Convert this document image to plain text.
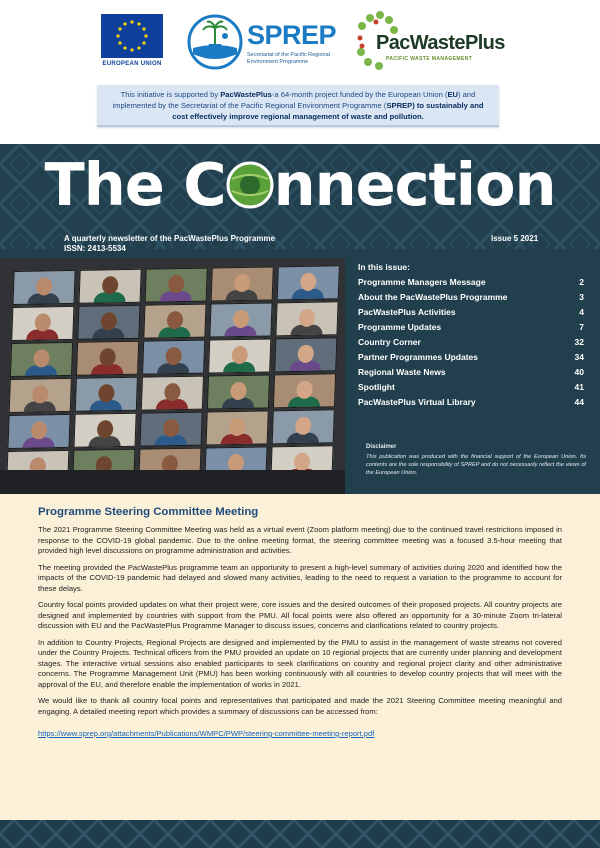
EUROPEAN UNION
SPREP
Secretariat of the Pacific Regional Environment Programme
PacWastePlus
PACIFIC WASTE MANAGEMENT
This initiative is supported by PacWastePlus-a 64-month project funded by the European Union (EU) and implemented by the Secretariat of the Pacific Regional Environment Programme (SPREP) to sustainably and cost effectively improve regional management of waste and pollution.
The C nnection
A quarterly newsletter of the PacWastePlus Programme
ISSN: 2413-5534
Issue 5 2021
In this issue:
Programme Managers Message	2
About the PacWastePlus Programme	3
PacWastePlus Activities	4
Programme Updates	7
Country Corner	32
Partner Programmes Updates	34
Regional Waste News	40
Spotlight	41
PacWastePlus Virtual Library	44
Disclaimer
This publication was produced with the financial support of the European Union. Its contents are the sole responsibility of SPREP and do not necessarily reflect the views of the European Union.
Programme Steering Committee Meeting

The 2021 Programme Steering Committee Meeting was held as a virtual event (Zoom platform meeting) due to the continued travel restrictions imposed in response to the COVID-19 global pandemic. Due to the online meeting format, the steering committee meeting was a focused 3.5-hour meeting that provided high level discussions on programme administration and activities.

The meeting provided the PacWastePlus programme team an opportunity to present a high-level summary of activities during 2020 and identified how the impacts of the COVID-19 pandemic had delayed and slowed many activities, leading to the need to request a variation to the programme to account for these delays.

Country focal points provided updates on what their project were, core issues and the desired outcomes of their proposed projects. All country projects are designed and implemented by countries with support from the PMU. All focal points were also offered an opportunity for a 30-minute Zoom tri-lateral discussion with EU and the PacWastePlus Programme Manager to discuss issues, concerns and clarifications related to country projects.

In addition to Country Projects, Regional Projects are designed and implemented by the PMU to assist in the management of waste streams not covered under the Country Projects. Technical officers from the PMU provided an update on 10 regional projects that are currently under planning and development stages. The interactive virtual sessions also enabled participants to seek clarifications on country and regional project clarity and other administrative concerns. The Programme Management Unit (PMU) has been working continuously with all countries to develop country projects that will meet with the approval of the EU, and therefore enable the implementation of works in 2021.

We would like to thank all country focal points and representatives that participated and made the 2021 Steering Committee meeting meaningful and engaging. A detailed meeting report which provides a summary of discussions can be accessed from:

https://www.sprep.org/attachments/Publications/WMPC/PWP/steering-committee-meeting-report.pdf
